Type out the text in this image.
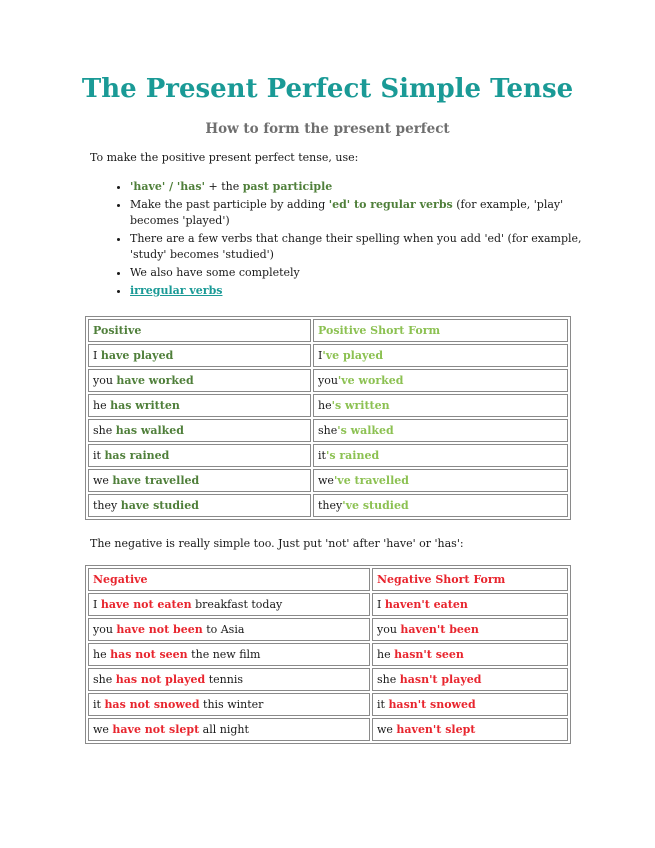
The Present Perfect Simple Tense
How to form the present perfect

To make the positive present perfect tense, use:

• 'have' / 'has' + the past participle
• Make the past participle by adding 'ed' to regular verbs (for example, 'play' becomes 'played')
• There are a few verbs that change their spelling when you add 'ed' (for example, 'study' becomes 'studied')
• We also have some completely
• irregular verbs
Positive	Positive Short Form
I have played	I've played
you have worked	you've worked
he has written	he's written
she has walked	she's walked
it has rained	it's rained
we have travelled	we've travelled
they have studied	they've studied

The negative is really simple too. Just put 'not' after 'have' or 'has':

Negative	Negative Short Form
I have not eaten breakfast today	I haven't eaten
you have not been to Asia	you haven't been
he has not seen the new film	he hasn't seen
she has not played tennis	she hasn't played
it has not snowed this winter	it hasn't snowed
we have not slept all night	we haven't slept
